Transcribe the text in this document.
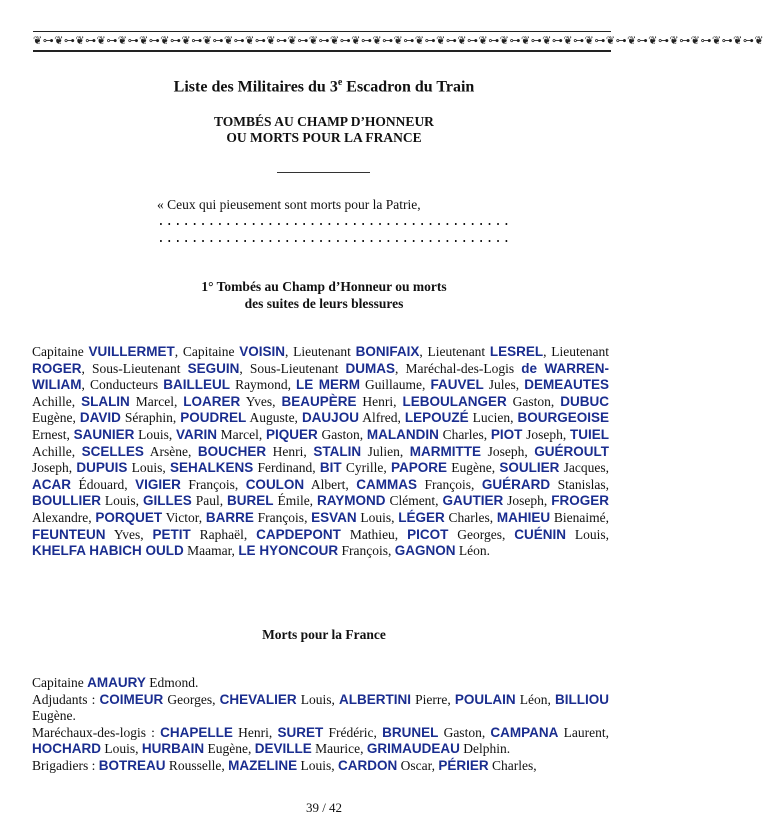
❦⊶❦⊶❦⊶❦⊶❦⊶❦⊶❦⊶❦⊶❦⊶❦⊶❦⊶❦⊶❦⊶❦⊶❦⊶❦⊶❦⊶❦⊶❦⊶❦⊶❦⊶❦⊶❦⊶❦⊶❦⊶❦⊶❦⊶❦⊶❦⊶❦⊶❦⊶❦⊶❦⊶❦⊶❦
Liste des Militaires du 3e Escadron du Train
TOMBÉS AU CHAMP D’HONNEUR
OU MORTS POUR LA FRANCE
« Ceux qui pieusement sont morts pour la Patrie,
..........................................
..........................................
1° Tombés au Champ d’Honneur ou morts
des suites de leurs blessures
Capitaine VUILLERMET, Capitaine VOISIN, Lieutenant BONIFAIX, Lieutenant LESREL, Lieutenant ROGER, Sous-Lieutenant SEGUIN, Sous-Lieutenant DUMAS, Maréchal-des-Logis de WARREN-WILIAM, Conducteurs BAILLEUL Raymond, LE MERM Guillaume, FAUVEL Jules, DEMEAUTES Achille, SLALIN Marcel, LOARER Yves, BEAUPÈRE Henri, LEBOULANGER Gaston, DUBUC Eugène, DAVID Séraphin, POUDREL Auguste, DAUJOU Alfred, LEPOUZÉ Lucien, BOURGEOISE Ernest, SAUNIER Louis, VARIN Marcel, PIQUER Gaston, MALANDIN Charles, PIOT Joseph, TUIEL Achille, SCELLES Arsène, BOUCHER Henri, STALIN Julien, MARMITTE Joseph, GUÉROULT Joseph, DUPUIS Louis, SEHALKENS Ferdinand, BIT Cyrille, PAPORE Eugène, SOULIER Jacques, ACAR Édouard, VIGIER François, COULON Albert, CAMMAS François, GUÉRARD Stanislas, BOULLIER Louis, GILLES Paul, BUREL Émile, RAYMOND Clément, GAUTIER Joseph, FROGER Alexandre, PORQUET Victor, BARRE François, ESVAN Louis, LÉGER Charles, MAHIEU Bienaimé, FEUNTEUN Yves, PETIT Raphaël, CAPDEPONT Mathieu, PICOT Georges, CUÉNIN Louis, KHELFA HABICH OULD Maamar, LE HYONCOUR François, GAGNON Léon.
Morts pour la France
Capitaine AMAURY Edmond.
Adjudants : COIMEUR Georges, CHEVALIER Louis, ALBERTINI Pierre, POULAIN Léon, BILLIOU Eugène.
Maréchaux-des-logis : CHAPELLE Henri, SURET Frédéric, BRUNEL Gaston, CAMPANA Laurent, HOCHARD Louis, HURBAIN Eugène, DEVILLE Maurice, GRIMAUDEAU Delphin.
Brigadiers : BOTREAU Rousselle, MAZELINE Louis, CARDON Oscar, PÉRIER Charles,
39 / 42
